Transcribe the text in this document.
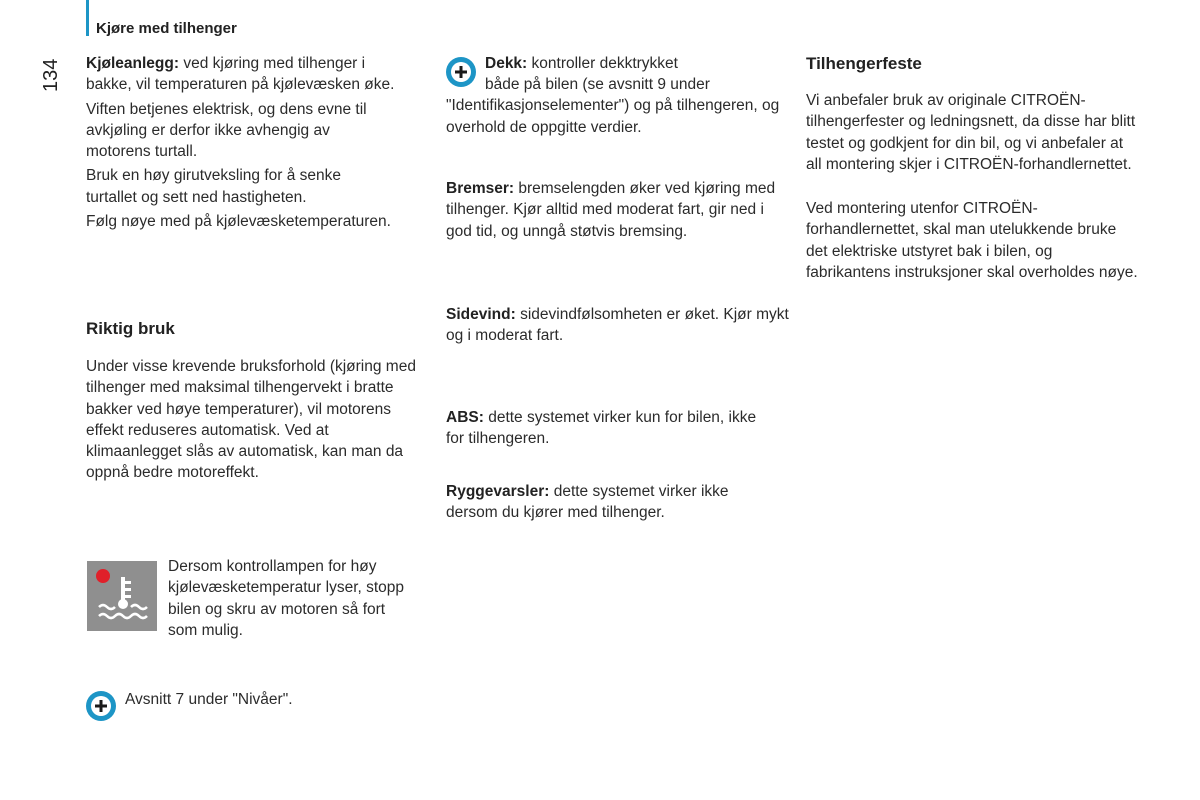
Kjøre med tilhenger
134 Kjøleanlegg: ved kjøring med tilhenger i bakke, vil temperaturen på kjølevæsken øke.

Viften betjenes elektrisk, og dens evne til avkjøling er derfor ikke avhengig av motorens turtall.

Bruk en høy girutveksling for å senke turtallet og sett ned hastigheten.

Følg nøye med på kjølevæsketemperaturen.

Riktig bruk

Under visse krevende bruksforhold (kjøring med tilhenger med maksimal tilhengervekt i bratte bakker ved høye temperaturer), vil motorens effekt reduseres automatisk. Ved at klimaanlegget slås av automatisk, kan man da oppnå bedre motoreffekt.

Dersom kontrollampen for høy kjølevæsketemperatur lyser, stopp bilen og skru av motoren så fort som mulig.

Avsnitt 7 under "Nivåer".

Dekk: kontroller dekktrykket

både på bilen (se avsnitt 9 under "Identifikasjonselementer") og på tilhengeren, og overhold de oppgitte verdier.

Bremser: bremselengden øker ved kjøring med tilhenger. Kjør alltid med moderat fart, gir ned i god tid, og unngå støtvis bremsing.

Sidevind: sidevindfølsomheten er øket. Kjør mykt og i moderat fart.

ABS: dette systemet virker kun for bilen, ikke for tilhengeren.

Ryggevarsler: dette systemet virker ikke dersom du kjører med tilhenger.

Tilhengerfeste

Vi anbefaler bruk av originale CITROËN-tilhengerfester og ledningsnett, da disse har blitt testet og godkjent for din bil, og vi anbefaler at all montering skjer i CITROËN-forhandlernettet.

Ved montering utenfor CITROËN-forhandlernettet, skal man utelukkende bruke det elektriske utstyret bak i bilen, og fabrikantens instruksjoner skal overholdes nøye.
